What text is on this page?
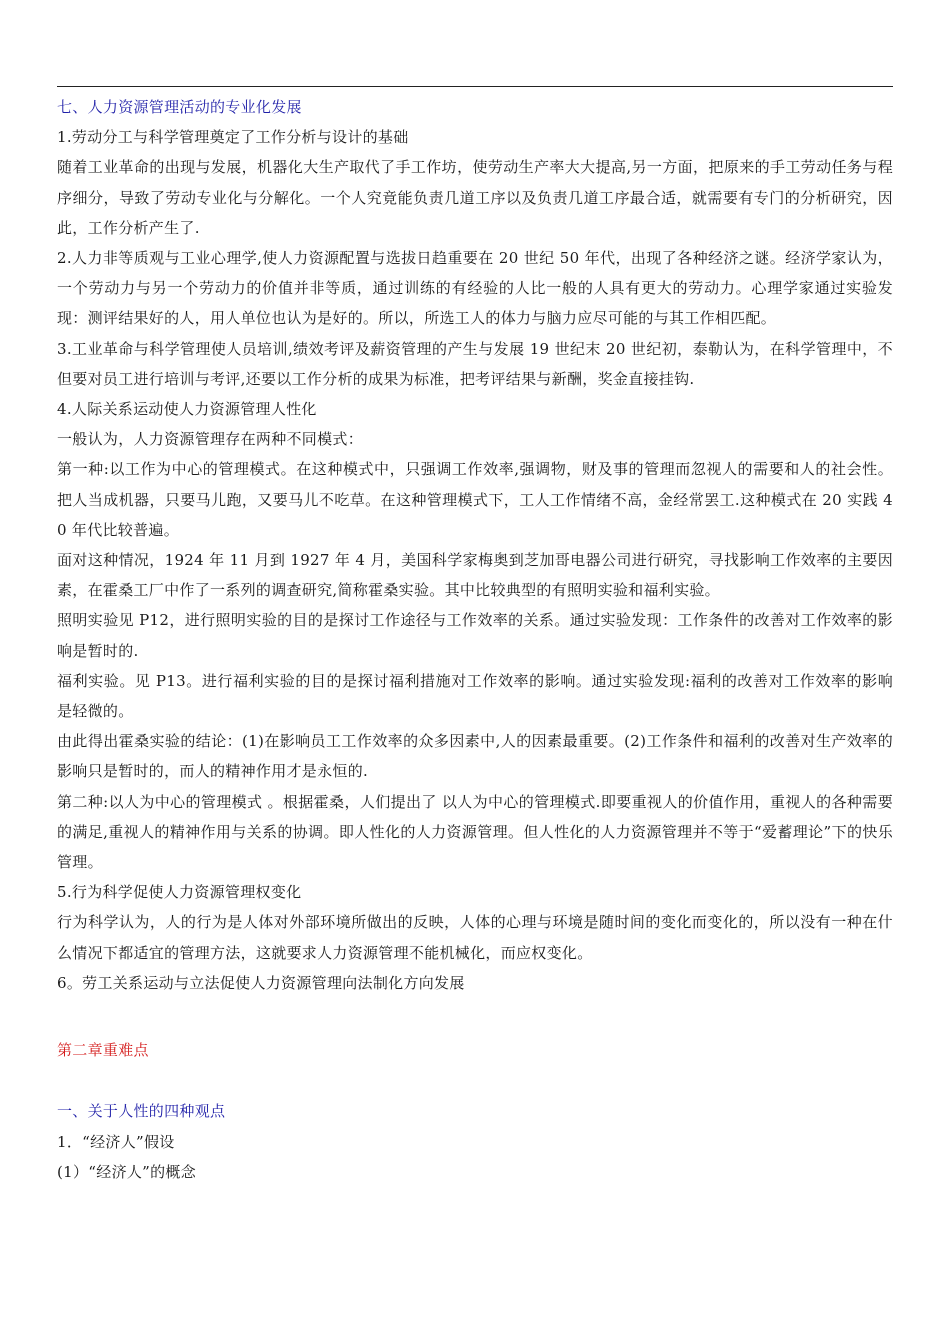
七、人力资源管理活动的专业化发展

1.劳动分工与科学管理奠定了工作分析与设计的基础

随着工业革命的出现与发展，机器化大生产取代了手工作坊，使劳动生产率大大提高,另一方面，把原来的手工劳动任务与程序细分，导致了劳动专业化与分解化。一个人究竟能负责几道工序以及负责几道工序最合适，就需要有专门的分析研究，因此，工作分析产生了.

2.人力非等质观与工业心理学,使人力资源配置与选拔日趋重要在 20 世纪 50 年代，出现了各种经济之谜。经济学家认为，一个劳动力与另一个劳动力的价值并非等质，通过训练的有经验的人比一般的人具有更大的劳动力。心理学家通过实验发现：测评结果好的人，用人单位也认为是好的。所以，所选工人的体力与脑力应尽可能的与其工作相匹配。

3.工业革命与科学管理使人员培训,绩效考评及薪资管理的产生与发展 19 世纪末 20 世纪初，泰勒认为，在科学管理中，不但要对员工进行培训与考评,还要以工作分析的成果为标准，把考评结果与新酬，奖金直接挂钩.

4.人际关系运动使人力资源管理人性化

一般认为，人力资源管理存在两种不同模式：

第一种:以工作为中心的管理模式。在这种模式中，只强调工作效率,强调物，财及事的管理而忽视人的需要和人的社会性。把人当成机器，只要马儿跑，又要马儿不吃草。在这种管理模式下，工人工作情绪不高，金经常罢工.这种模式在 20 实践 40 年代比较普遍。

面对这种情况，1924 年 11 月到 1927 年 4 月，美国科学家梅奥到芝加哥电器公司进行研究，寻找影响工作效率的主要因素，在霍桑工厂中作了一系列的调查研究,简称霍桑实验。其中比较典型的有照明实验和福利实验。

照明实验见 P12，进行照明实验的目的是探讨工作途径与工作效率的关系。通过实验发现：工作条件的改善对工作效率的影响是暂时的.

福利实验。见 P13。进行福利实验的目的是探讨福利措施对工作效率的影响。通过实验发现:福利的改善对工作效率的影响是轻微的。

由此得出霍桑实验的结论：(1)在影响员工工作效率的众多因素中,人的因素最重要。(2)工作条件和福利的改善对生产效率的影响只是暂时的，而人的精神作用才是永恒的.

第二种:以人为中心的管理模式 。根据霍桑，人们提出了 以人为中心的管理模式.即要重视人的价值作用，重视人的各种需要的满足,重视人的精神作用与关系的协调。即人性化的人力资源管理。但人性化的人力资源管理并不等于“爱蓄理论”下的快乐管理。

5.行为科学促使人力资源管理权变化

行为科学认为，人的行为是人体对外部环境所做出的反映，人体的心理与环境是随时间的变化而变化的，所以没有一种在什么情况下都适宜的管理方法，这就要求人力资源管理不能机械化，而应权变化。

6。劳工关系运动与立法促使人力资源管理向法制化方向发展

第二章重难点

一、关于人性的四种观点

1．“经济人”假设

(1）“经济人”的概念
